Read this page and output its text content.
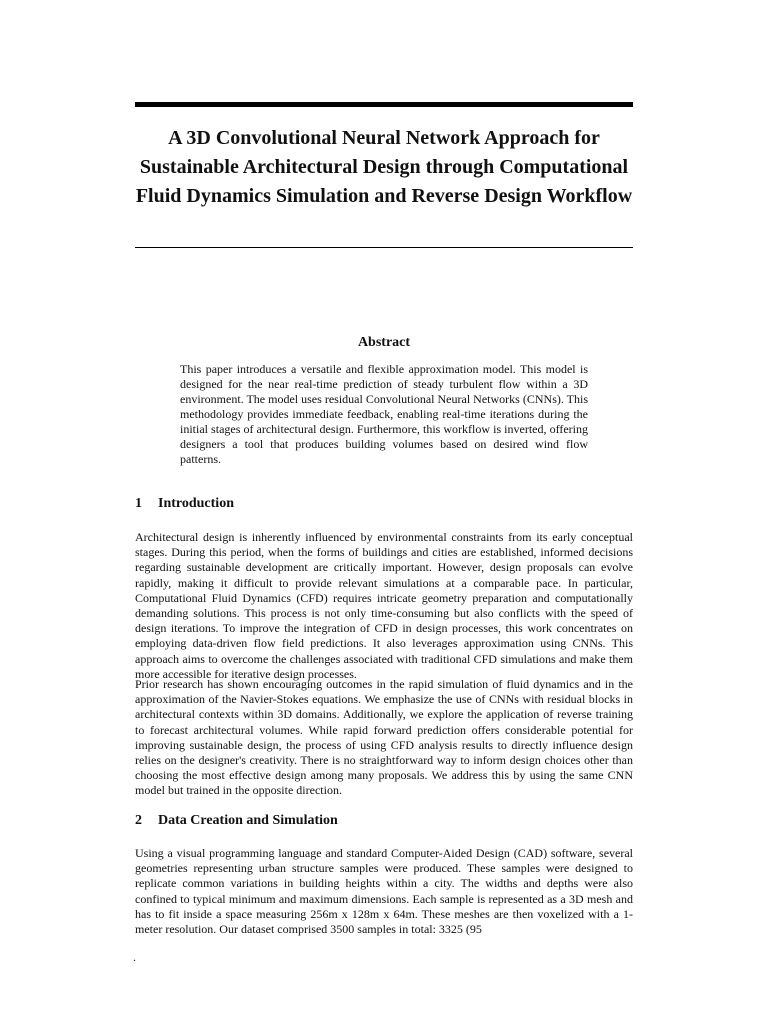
A 3D Convolutional Neural Network Approach for Sustainable Architectural Design through Computational Fluid Dynamics Simulation and Reverse Design Workflow
Abstract

This paper introduces a versatile and flexible approximation model. This model is designed for the near real-time prediction of steady turbulent flow within a 3D environment. The model uses residual Convolutional Neural Networks (CNNs). This methodology provides immediate feedback, enabling real-time iterations during the initial stages of architectural design. Furthermore, this workflow is inverted, offering designers a tool that produces building volumes based on desired wind flow patterns.

1 Introduction

Architectural design is inherently influenced by environmental constraints from its early conceptual stages. During this period, when the forms of buildings and cities are established, informed decisions regarding sustainable development are critically important. However, design proposals can evolve rapidly, making it difficult to provide relevant simulations at a comparable pace. In particular, Computational Fluid Dynamics (CFD) requires intricate geometry preparation and computationally demanding solutions. This process is not only time-consuming but also conflicts with the speed of design iterations. To improve the integration of CFD in design processes, this work concentrates on employing data-driven flow field predictions. It also leverages approximation using CNNs. This approach aims to overcome the challenges associated with traditional CFD simulations and make them more accessible for iterative design processes.

Prior research has shown encouraging outcomes in the rapid simulation of fluid dynamics and in the approximation of the Navier-Stokes equations. We emphasize the use of CNNs with residual blocks in architectural contexts within 3D domains. Additionally, we explore the application of reverse training to forecast architectural volumes. While rapid forward prediction offers considerable potential for improving sustainable design, the process of using CFD analysis results to directly influence design relies on the designer's creativity. There is no straightforward way to inform design choices other than choosing the most effective design among many proposals. We address this by using the same CNN model but trained in the opposite direction.

2 Data Creation and Simulation

Using a visual programming language and standard Computer-Aided Design (CAD) software, several geometries representing urban structure samples were produced. These samples were designed to replicate common variations in building heights within a city. The widths and depths were also confined to typical minimum and maximum dimensions. Each sample is represented as a 3D mesh and has to fit inside a space measuring 256m x 128m x 64m. These meshes are then voxelized with a 1-meter resolution. Our dataset comprised 3500 samples in total: 3325 (95

.
